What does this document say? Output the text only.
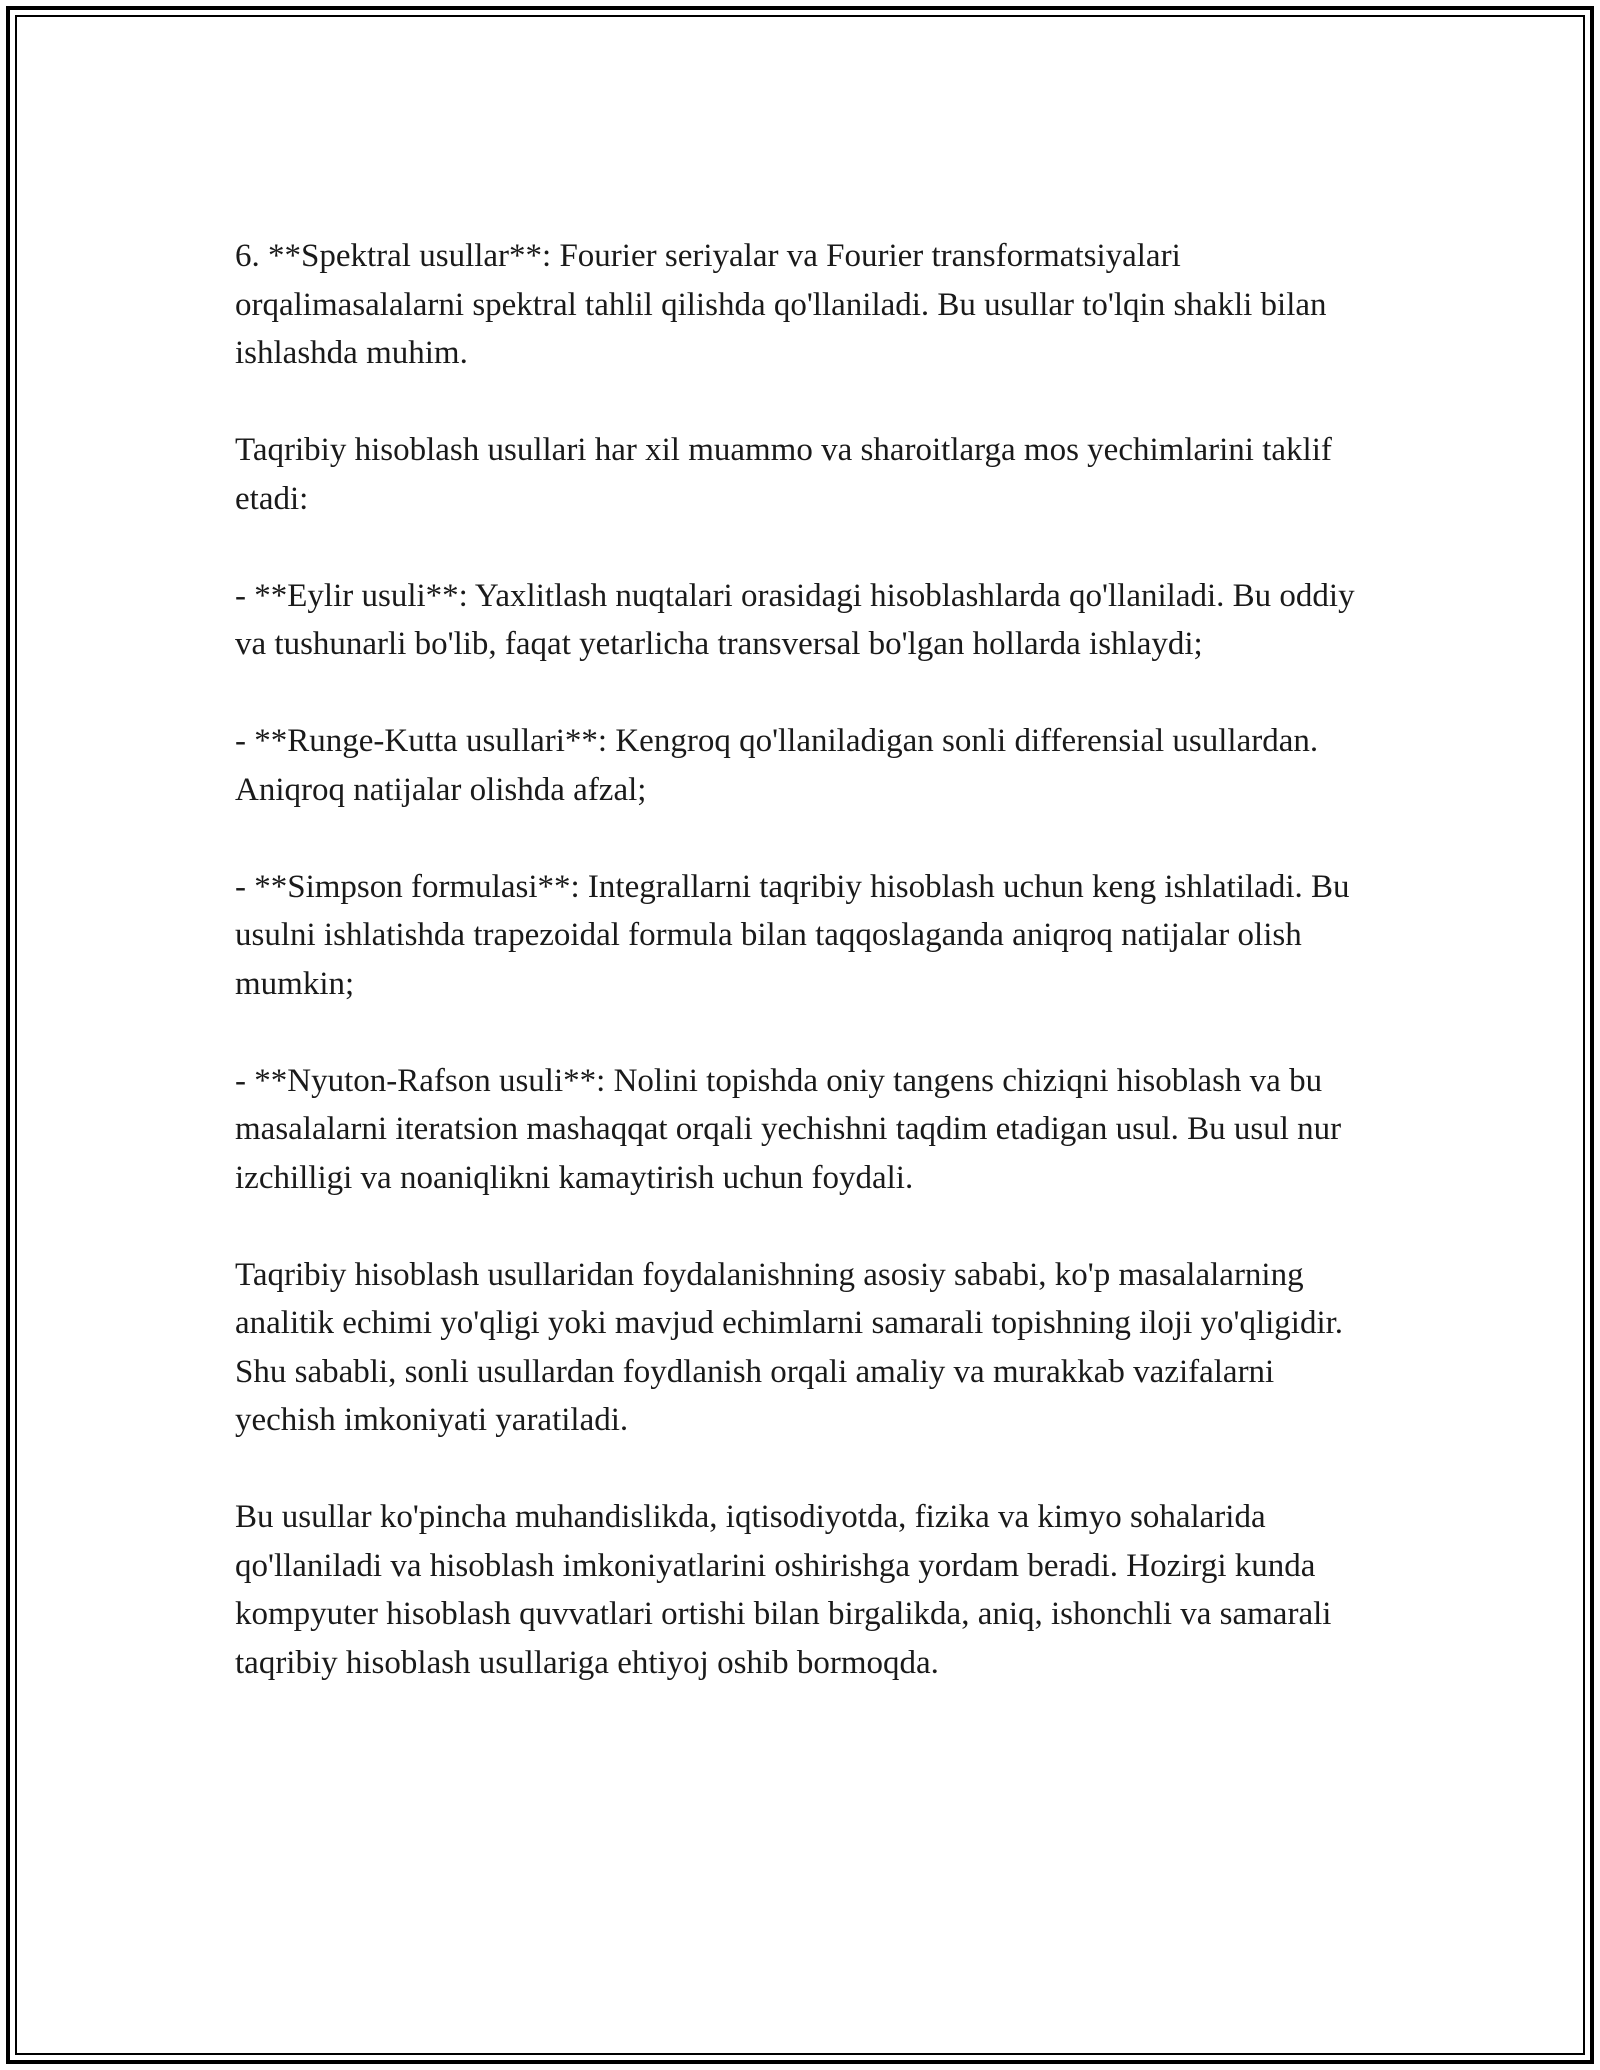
6. **Spektral usullar**: Fourier seriyalar va Fourier transformatsiyalari orqalimasalalarni spektral tahlil qilishda qo'llaniladi. Bu usullar to'lqin shakli bilan ishlashda muhim.

Taqribiy hisoblash usullari har xil muammo va sharoitlarga mos yechimlarini taklif etadi:

- **Eylir usuli**: Yaxlitlash nuqtalari orasidagi hisoblashlarda qo'llaniladi. Bu oddiy va tushunarli bo'lib, faqat yetarlicha transversal bo'lgan hollarda ishlaydi;

- **Runge-Kutta usullari**: Kengroq qo'llaniladigan sonli differensial usullardan. Aniqroq natijalar olishda afzal;

- **Simpson formulasi**: Integrallarni taqribiy hisoblash uchun keng ishlatiladi. Bu usulni ishlatishda trapezoidal formula bilan taqqoslaganda aniqroq natijalar olish mumkin;

- **Nyuton-Rafson usuli**: Nolini topishda oniy tangens chiziqni hisoblash va bu masalalarni iteratsion mashaqqat orqali yechishni taqdim etadigan usul. Bu usul nur izchilligi va noaniqlikni kamaytirish uchun foydali.

Taqribiy hisoblash usullaridan foydalanishning asosiy sababi, ko'p masalalarning analitik echimi yo'qligi yoki mavjud echimlarni samarali topishning iloji yo'qligidir. Shu sababli, sonli usullardan foydlanish orqali amaliy va murakkab vazifalarni yechish imkoniyati yaratiladi.

Bu usullar ko'pincha muhandislikda, iqtisodiyotda, fizika va kimyo sohalarida qo'llaniladi va hisoblash imkoniyatlarini oshirishga yordam beradi. Hozirgi kunda kompyuter hisoblash quvvatlari ortishi bilan birgalikda, aniq, ishonchli va samarali taqribiy hisoblash usullariga ehtiyoj oshib bormoqda.
